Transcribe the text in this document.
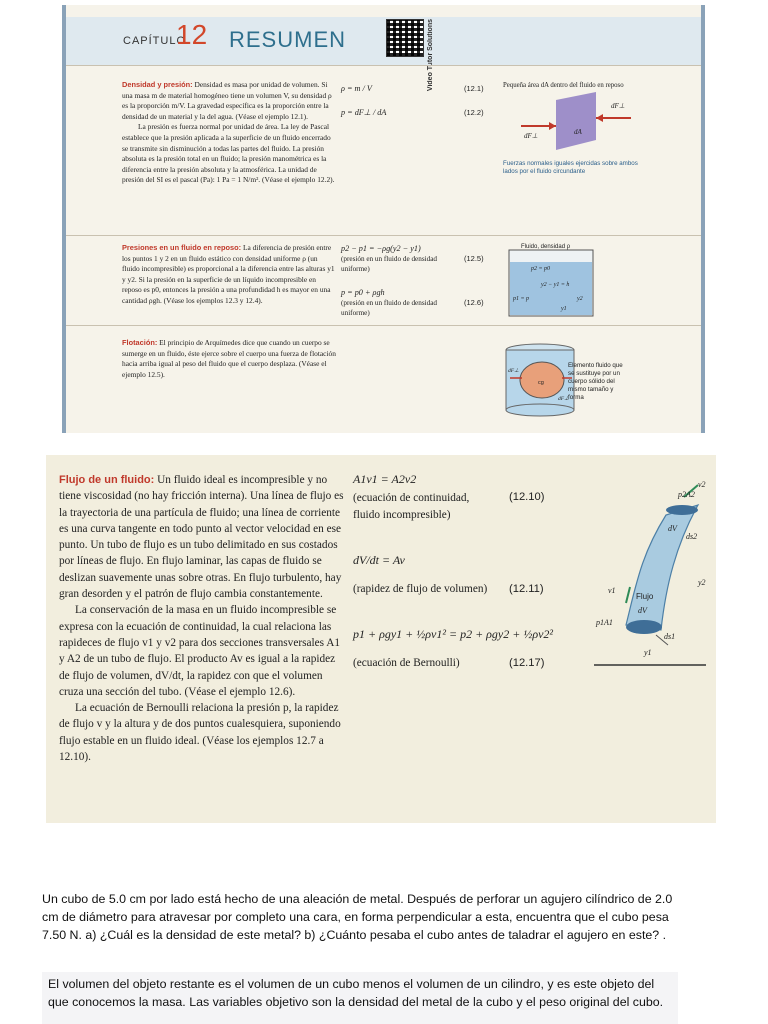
CAPÍTULO
12 RESUMEN	Video Tutor Solutions
Densidad y presión: Densidad es masa por unidad de volumen. Si una masa m de material homogéneo tiene un volumen V, su densidad ρ es la proporción m/V. La gravedad específica es la proporción entre la densidad de un material y la del agua. (Véase el ejemplo 12.1).

La presión es fuerza normal por unidad de área. La ley de Pascal establece que la presión aplicada a la superficie de un fluido encerrado se transmite sin disminución a todas las partes del fluido. La presión absoluta es la presión total en un fluido; la presión manométrica es la diferencia entre la presión absoluta y la atmosférica. La unidad de presión del SI es el pascal (Pa): 1 Pa = 1 N/m². (Véase el ejemplo 12.2).

ρ = m / V	(12.1)
p = dF⊥ / dA	(12.2)
Pequeña área dA dentro del fluido en reposo
dF⊥
dF⊥
dA
Fuerzas normales iguales ejercidas sobre ambos lados por el fluido circundante
Presiones en un fluido en reposo: La diferencia de presión entre los puntos 1 y 2 en un fluido estático con densidad uniforme ρ (un fluido incompresible) es proporcional a la diferencia entre las alturas y1 y y2. Si la presión en la superficie de un líquido incompresible en reposo es p0, entonces la presión a una profundidad h es mayor en una cantidad ρgh. (Véase los ejemplos 12.3 y 12.4).
p2 − p1 = −ρg(y2 − y1)
(presión en un fluido de densidad uniforme)
(12.5)
p = p0 + ρgh
(presión en un fluido de densidad uniforme)
(12.6)
Fluido, densidad ρ
p2 = p0
y2 − y1 = h
p1 = p	y2
y1
Flotación: El principio de Arquímedes dice que cuando un cuerpo se sumerge en un fluido, éste ejerce sobre el cuerpo una fuerza de flotación hacia arriba igual al peso del fluido que el cuerpo desplaza. (Véase el ejemplo 12.5).	dF⊥
dF⊥
cg
Elemento fluido que se sustituye por un cuerpo sólido del mismo tamaño y forma
Flujo de un fluido: Un fluido ideal es incompresible y no tiene viscosidad (no hay fricción interna). Una línea de flujo es la trayectoria de una partícula de fluido; una línea de corriente es una curva tangente en todo punto al vector velocidad en ese punto. Un tubo de flujo es un tubo delimitado en sus costados por líneas de flujo. En flujo laminar, las capas de fluido se deslizan suavemente unas sobre otras. En flujo turbulento, hay gran desorden y el patrón de flujo cambia constantemente.

La conservación de la masa en un fluido incompresible se expresa con la ecuación de continuidad, la cual relaciona las rapideces de flujo v1 y v2 para dos secciones transversales A1 y A2 de un tubo de flujo. El producto Av es igual a la rapidez de flujo de volumen, dV/dt, la rapidez con que el volumen cruza una sección del tubo. (Véase el ejemplo 12.6).

La ecuación de Bernoulli relaciona la presión p, la rapidez de flujo v y la altura y de dos puntos cualesquiera, suponiendo flujo estable en un fluido ideal. (Véase los ejemplos 12.7 a 12.10).

A1v1 = A2v2
(ecuación de continuidad, fluido incompresible)
(12.10)
dV/dt = Av
(rapidez de flujo de volumen) (12.11)
p1 + ρgy1 + ½ρv1² = p2 + ρgy2 + ½ρv2²
(ecuación de Bernoulli)	(12.17)
v2
p2A2
dV
ds2
Flujo
v1
dV
p1A1
ds1
y2
y1
Un cubo de 5.0 cm por lado está hecho de una aleación de metal. Después de perforar un agujero cilíndrico de 2.0 cm de diámetro para atravesar por completo una cara, en forma perpendicular a esta, encuentra que el cubo pesa 7.50 N. a) ¿Cuál es la densidad de este metal? b) ¿Cuánto pesaba el cubo antes de taladrar el agujero en este? .
El volumen del objeto restante es el volumen de un cubo menos el volumen de un cilindro, y es este objeto del que conocemos la masa. Las variables objetivo son la densidad del metal de la cubo y el peso original del cubo.
